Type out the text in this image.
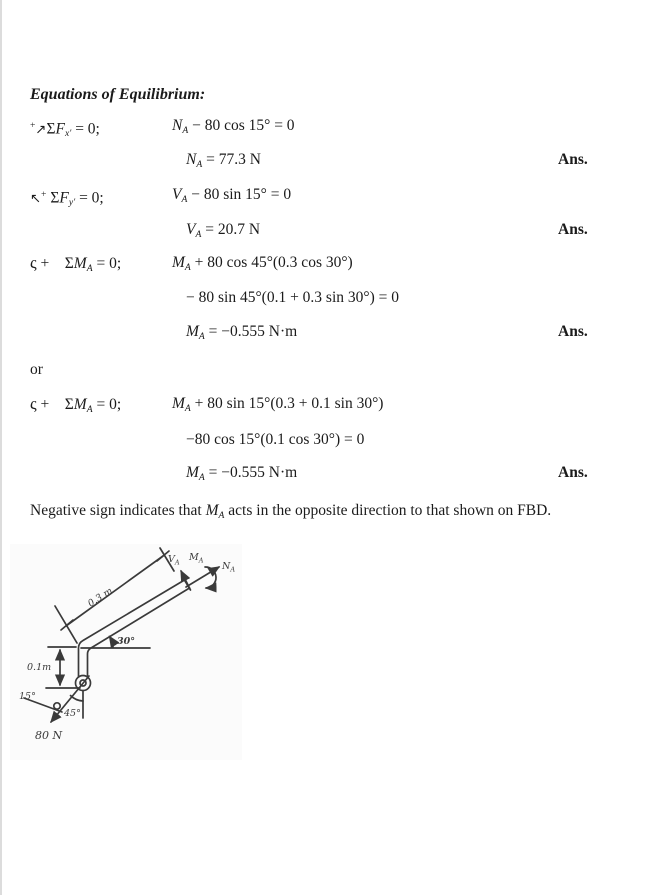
Equations of Equilibrium:
+↗ΣFx′ = 0;	NA − 80 cos 15° = 0
NA = 77.3 N	Ans.
↖+ ΣFy′ = 0;	VA − 80 sin 15° = 0
VA = 20.7 N	Ans.
ς +  ΣMA = 0;	MA + 80 cos 45°(0.3 cos 30°)
− 80 sin 45°(0.1 + 0.3 sin 30°) = 0
MA = −0.555 N·m	Ans.
or
ς +  ΣMA = 0;	MA + 80 sin 15°(0.3 + 0.1 sin 30°)
−80 cos 15°(0.1 cos 30°) = 0
MA = −0.555 N·m	Ans.
Negative sign indicates that MA acts in the opposite direction to that shown on FBD.
0.3 m
30°
0.1m
15°
45°
80 N
$V_A$ $M_A$
$N_A$
